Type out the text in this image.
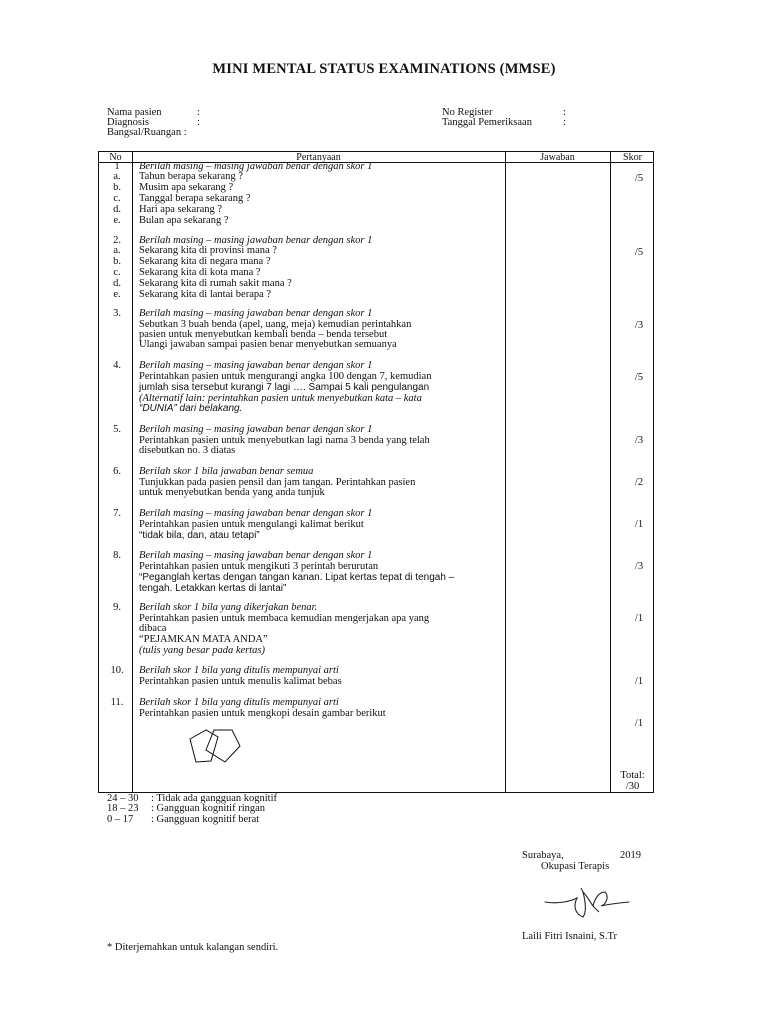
MINI MENTAL STATUS EXAMINATIONS (MMSE)
Nama pasien	:
Diagnosis	:
Bangsal/Ruangan :
No Register	:
Tanggal Pemeriksaan	:
No	Pertanyaan	Jawaban	Skor
1	Berilah masing – masing jawaban benar dengan skor 1
a.	Tahun berapa sekarang ?
b.	Musim apa sekarang ?
c.	Tanggal berapa sekarang ?
d.	Hari apa sekarang ?
e.	Bulan apa sekarang ?
/5
2.	Berilah masing – masing jawaban benar dengan skor 1
a.	Sekarang kita di provinsi mana ?
b.	Sekarang kita di negara mana ?
c.	Sekarang kita di kota mana ?
d.	Sekarang kita di rumah sakit mana ?
e.	Sekarang kita di lantai berapa ?
/5
3.	Berilah masing – masing jawaban benar dengan skor 1
Sebutkan 3 buah benda (apel, uang, meja) kemudian perintahkan
pasien untuk menyebutkan kembali benda – benda tersebut
Ulangi jawaban sampai pasien benar menyebutkan semuanya
/3
4.	Berilah masing – masing jawaban benar dengan skor 1
Perintahkan pasien untuk mengurangi angka 100 dengan 7, kemudian
jumlah sisa tersebut kurangi 7 lagi …. Sampai 5 kali pengulangan
(Alternatif lain: perintahkan pasien untuk menyebutkan kata – kata
“DUNIA” dari belakang.
/5
5.	Berilah masing – masing jawaban benar dengan skor 1
Perintahkan pasien untuk menyebutkan lagi nama 3 benda yang telah
disebutkan no. 3 diatas
/3
6.	Berilah skor 1 bila jawaban benar semua
Tunjukkan pada pasien pensil dan jam tangan. Perintahkan pasien
untuk menyebutkan benda yang anda tunjuk
/2
7.	Berilah masing – masing jawaban benar dengan skor 1
Perintahkan pasien untuk mengulangi kalimat berikut
“tidak bila, dan, atau tetapi”
/1
8.	Berilah masing – masing jawaban benar dengan skor 1
Perintahkan pasien untuk mengikuti 3 perintah berurutan
“Peganglah kertas dengan tangan kanan. Lipat kertas tepat di tengah –
tengah. Letakkan kertas di lantai”
/3
9.	Berilah skor 1 bila yang dikerjakan benar.
Perintahkan pasien untuk membaca kemudian mengerjakan apa yang
dibaca
“PEJAMKAN MATA ANDA”
(tulis yang besar pada kertas)
/1
10.	Berilah skor 1 bila yang ditulis mempunyai arti
Perintahkan pasien untuk menulis kalimat bebas	/1
11.	Berilah skor 1 bila yang ditulis mempunyai arti
Perintahkan pasien untuk mengkopi desain gambar berikut
/1
Total:
/30
24 – 30 : Tidak ada gangguan kognitif
18 – 23 : Gangguan kognitif ringan
0 – 17 : Gangguan kognitif berat
Surabaya,	2019
Okupasi Terapis
Laili Fitri Isnaini, S.Tr
* Diterjemahkan untuk kalangan sendiri.
